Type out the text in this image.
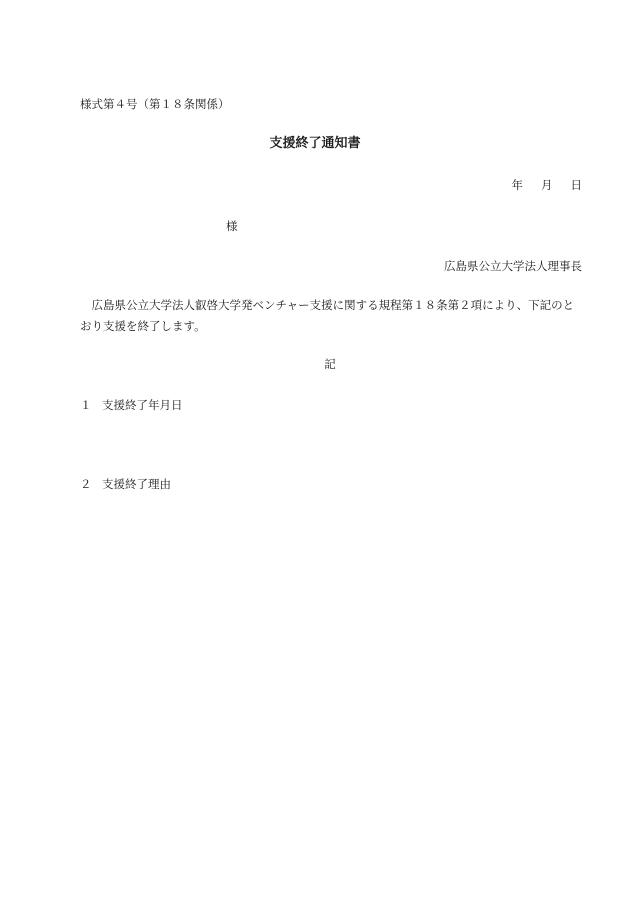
様式第４号（第１８条関係）
支援終了通知書
年 月 日
様
広島県公立大学法人理事長
広島県公立大学法人叡啓大学発ベンチャー支援に関する規程第１８条第２項により、下記のとおり支援を終了します。
記
１ 支援終了年月日
２ 支援終了理由
